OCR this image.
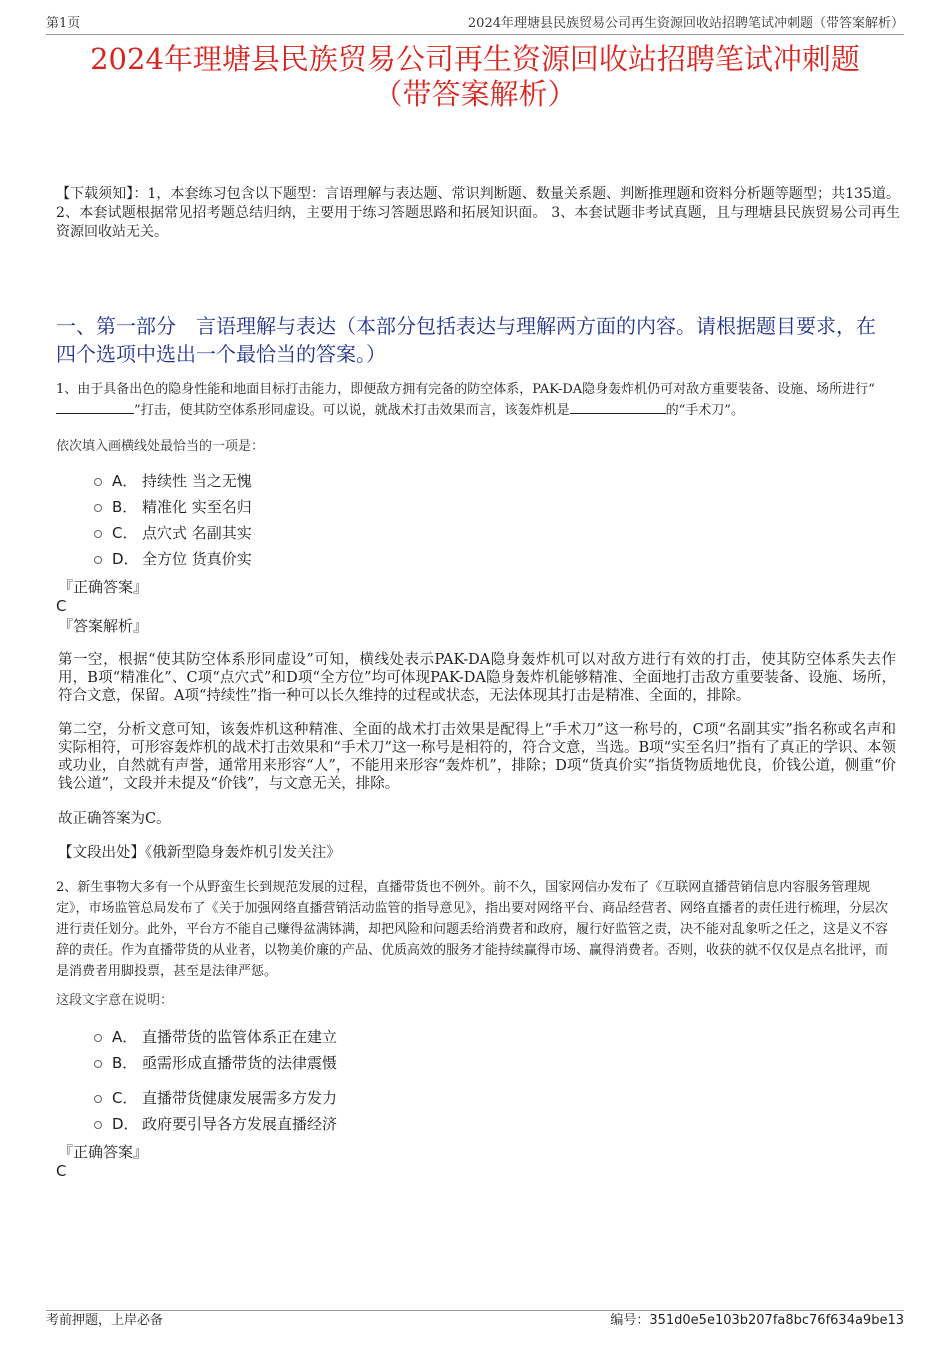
第1页	2024年理塘县民族贸易公司再生资源回收站招聘笔试冲刺题（带答案解析）
2024年理塘县民族贸易公司再生资源回收站招聘笔试冲刺题
（带答案解析）
【下载须知】：1，本套练习包含以下题型：言语理解与表达题、常识判断题、数量关系题、判断推理题和资料分析题等题型；共135道。 2、本套试题根据常见招考题总结归纳，主要用于练习答题思路和拓展知识面。 3、本套试题非考试真题，且与理塘县民族贸易公司再生资源回收站无关。
一、第一部分　言语理解与表达（本部分包括表达与理解两方面的内容。请根据题目要求，在四个选项中选出一个最恰当的答案。）
1、由于具备出色的隐身性能和地面目标打击能力，即便敌方拥有完备的防空体系，PAK-DA隐身轰炸机仍可对敌方重要装备、设施、场所进行“”打击，使其防空体系形同虚设。可以说，就战术打击效果而言，该轰炸机是	的“手术刀”。
依次填入画横线处最恰当的一项是：
A． 持续性 当之无愧
B． 精准化 实至名归
C． 点穴式 名副其实
D． 全方位 货真价实
『正确答案』
C
『答案解析』
第一空，根据“使其防空体系形同虚设”可知，横线处表示PAK-DA隐身轰炸机可以对敌方进行有效的打击，使其防空体系失去作用，B项“精准化”、C项“点穴式”和D项“全方位”均可体现PAK-DA隐身轰炸机能够精准、全面地打击敌方重要装备、设施、场所，符合文意，保留。A项“持续性”指一种可以长久维持的过程或状态，无法体现其打击是精准、全面的，排除。
第二空，分析文意可知，该轰炸机这种精准、全面的战术打击效果是配得上“手术刀”这一称号的，C项“名副其实”指名称或名声和实际相符，可形容轰炸机的战术打击效果和“手术刀”这一称号是相符的，符合文意，当选。B项“实至名归”指有了真正的学识、本领或功业，自然就有声誉，通常用来形容“人”，不能用来形容“轰炸机”，排除；D项“货真价实”指货物质地优良，价钱公道，侧重“价钱公道”，文段并未提及“价钱”，与文意无关，排除。
故正确答案为C。
【文段出处】《俄新型隐身轰炸机引发关注》
2、新生事物大多有一个从野蛮生长到规范发展的过程，直播带货也不例外。前不久，国家网信办发布了《互联网直播营销信息内容服务管理规定》，市场监管总局发布了《关于加强网络直播营销活动监管的指导意见》，指出要对网络平台、商品经营者、网络直播者的责任进行梳理，分层次进行责任划分。此外，平台方不能自己赚得盆满钵满，却把风险和问题丢给消费者和政府，履行好监管之责，决不能对乱象听之任之，这是义不容辞的责任。作为直播带货的从业者，以物美价廉的产品、优质高效的服务才能持续赢得市场、赢得消费者。否则，收获的就不仅仅是点名批评，而是消费者用脚投票，甚至是法律严惩。
这段文字意在说明：
A． 直播带货的监管体系正在建立
B． 亟需形成直播带货的法律震慑
C． 直播带货健康发展需多方发力
D． 政府要引导各方发展直播经济
『正确答案』
C
考前押题，上岸必备	编号：351d0e5e103b207fa8bc76f634a9be13
